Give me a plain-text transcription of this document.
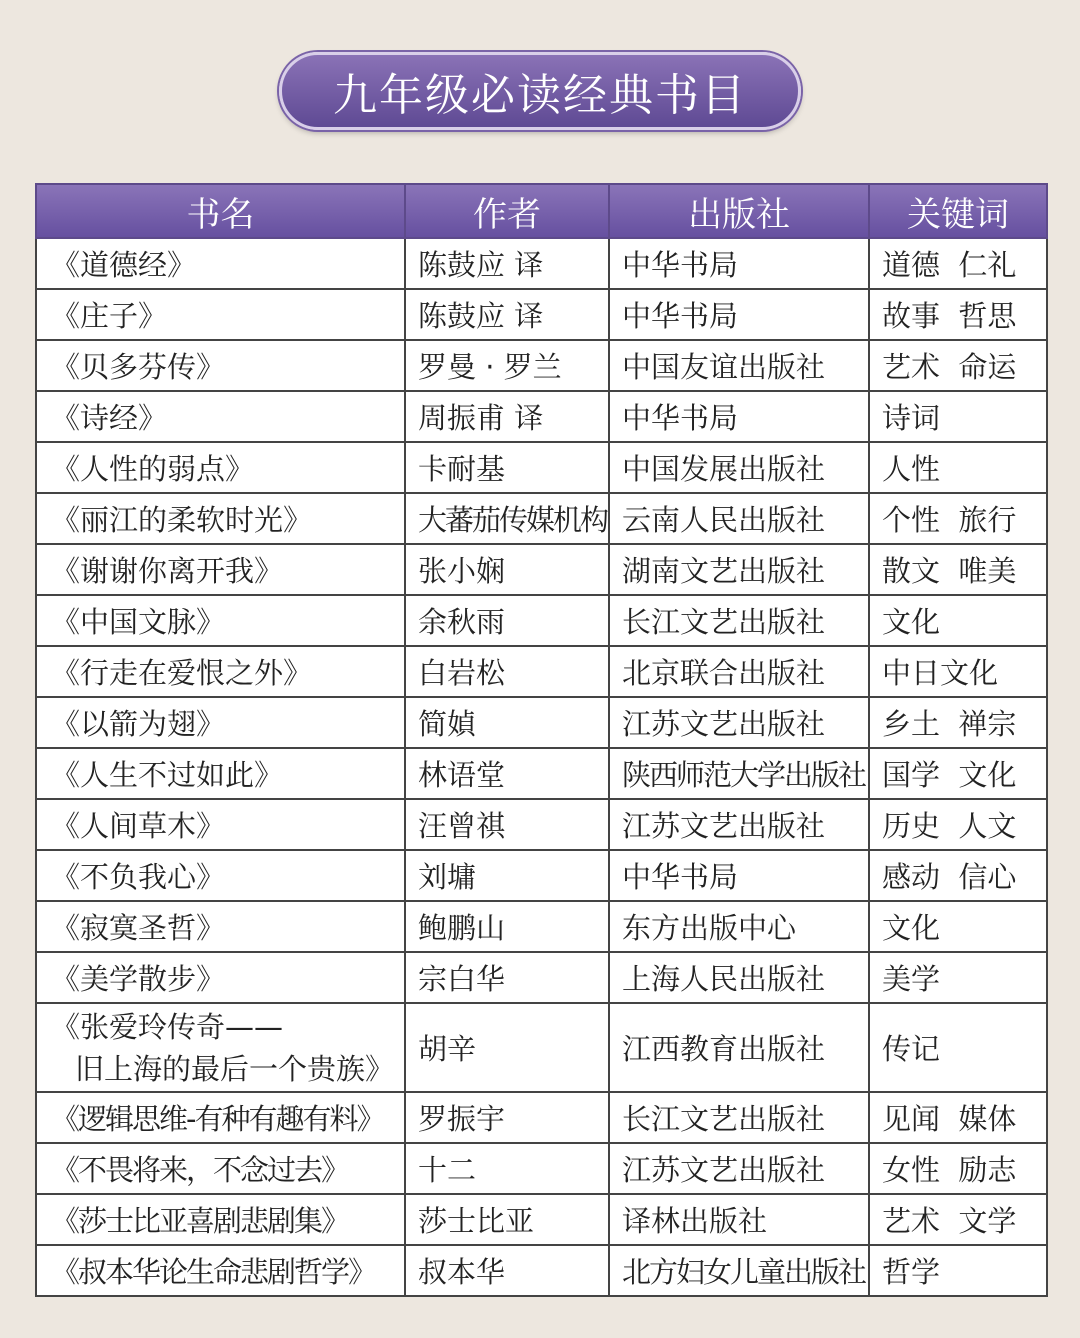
九年级必读经典书目
书名	作者	出版社	关键词
《道德经》	陈鼓应 译	中华书局	道德  仁礼
《庄子》	陈鼓应 译	中华书局	故事  哲思
《贝多芬传》	罗曼 · 罗兰	中国友谊出版社	艺术  命运
《诗经》	周振甫 译	中华书局	诗词
《人性的弱点》	卡耐基	中国发展出版社	人性
《丽江的柔软时光》	大蕃茄传媒机构	云南人民出版社	个性  旅行
《谢谢你离开我》	张小娴	湖南文艺出版社	散文  唯美
《中国文脉》	余秋雨	长江文艺出版社	文化
《行走在爱恨之外》	白岩松	北京联合出版社	中日文化
《以箭为翅》	简媜	江苏文艺出版社	乡土  禅宗
《人生不过如此》	林语堂	陕西师范大学出版社	国学  文化
《人间草木》	汪曾祺	江苏文艺出版社	历史  人文
《不负我心》	刘墉	中华书局	感动  信心
《寂寞圣哲》	鲍鹏山	东方出版中心	文化
《美学散步》	宗白华	上海人民出版社	美学

《张爱玲传奇——
旧上海的最后一个贵族》	胡辛	江西教育出版社	传记
《逻辑思维-有种有趣有料》	罗振宇	长江文艺出版社	见闻  媒体
《不畏将来，不念过去》	十二	江苏文艺出版社	女性  励志
《莎士比亚喜剧悲剧集》	莎士比亚	译林出版社	艺术  文学
《叔本华论生命悲剧哲学》	叔本华	北方妇女儿童出版社	哲学
